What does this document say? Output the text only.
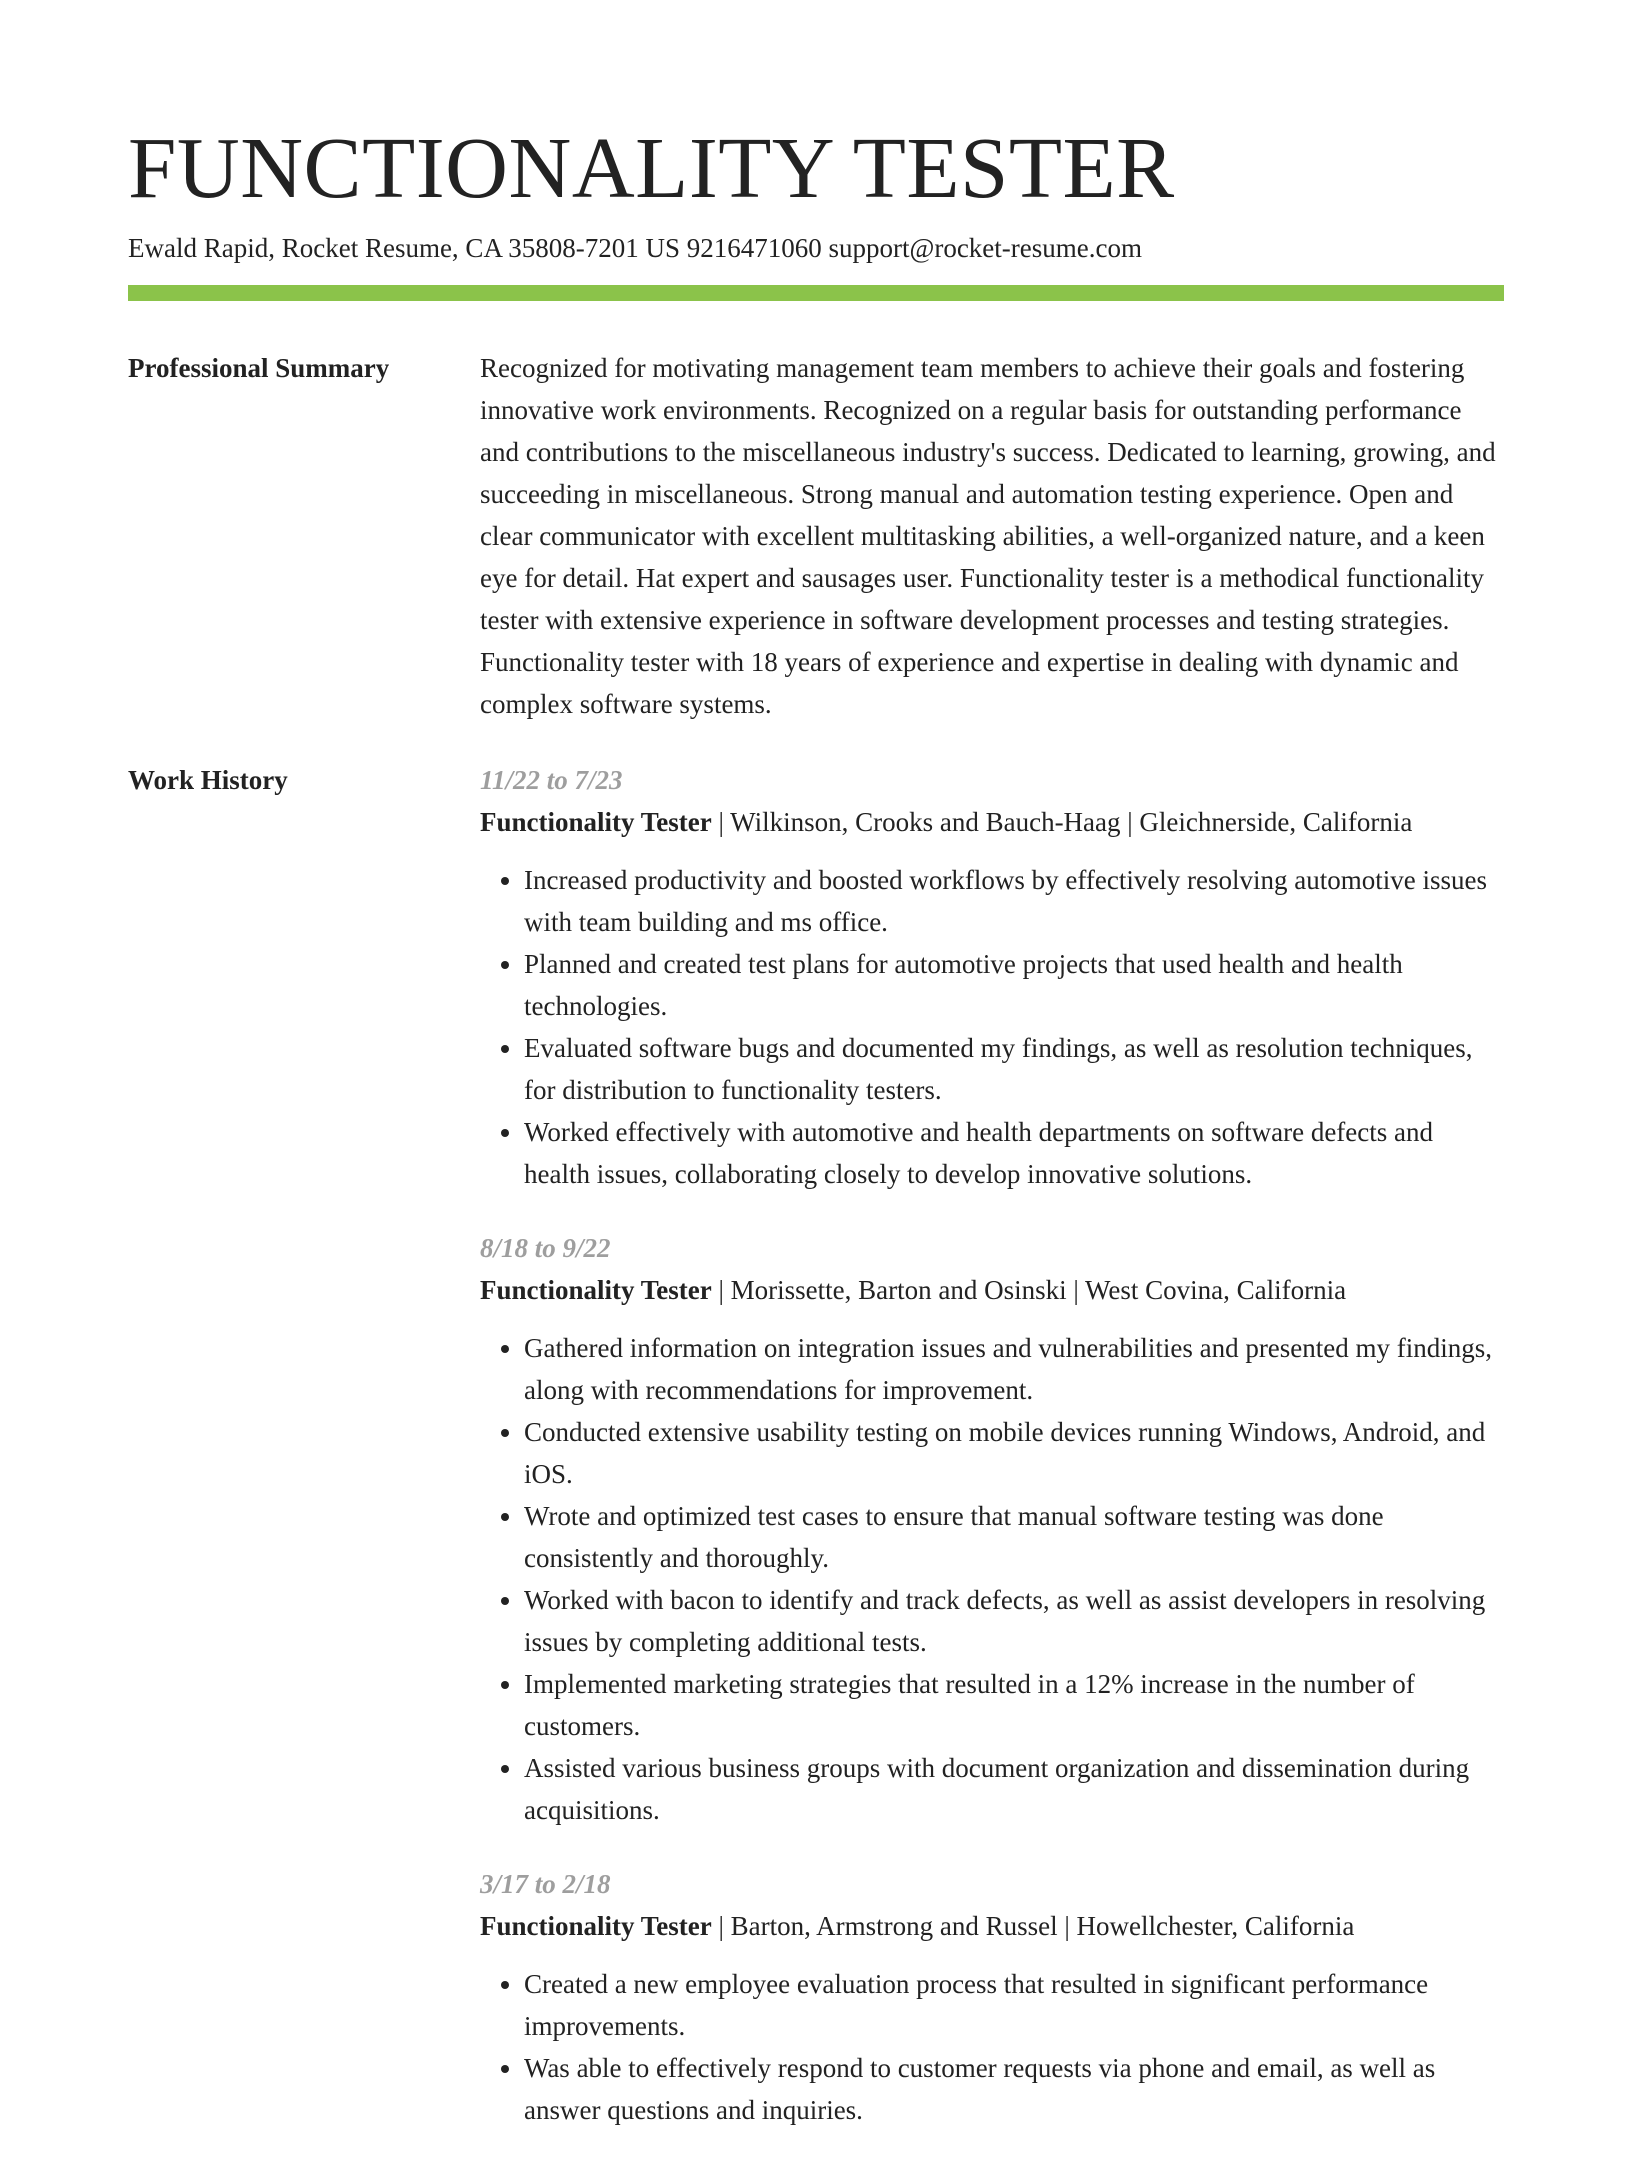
FUNCTIONALITY TESTER
Ewald Rapid, Rocket Resume, CA 35808-7201 US 9216471060 support@rocket-resume.com
Professional Summary	Recognized for motivating management team members to achieve their goals and fostering innovative work environments. Recognized on a regular basis for outstanding performance and contributions to the miscellaneous industry's success. Dedicated to learning, growing, and succeeding in miscellaneous. Strong manual and automation testing experience. Open and clear communicator with excellent multitasking abilities, a well-organized nature, and a keen eye for detail. Hat expert and sausages user. Functionality tester is a methodical functionality tester with extensive experience in software development processes and testing strategies. Functionality tester with 18 years of experience and expertise in dealing with dynamic and complex software systems.

Work History	11/22 to 7/23
Functionality Tester | Wilkinson, Crooks and Bauch-Haag | Gleichnerside, California
• Increased productivity and boosted workflows by effectively resolving automotive issues with team building and ms office.
• Planned and created test plans for automotive projects that used health and health technologies.
• Evaluated software bugs and documented my findings, as well as resolution techniques, for distribution to functionality testers.
• Worked effectively with automotive and health departments on software defects and health issues, collaborating closely to develop innovative solutions.
8/18 to 9/22
Functionality Tester | Morissette, Barton and Osinski | West Covina, California
• Gathered information on integration issues and vulnerabilities and presented my findings, along with recommendations for improvement.
• Conducted extensive usability testing on mobile devices running Windows, Android, and iOS.
• Wrote and optimized test cases to ensure that manual software testing was done consistently and thoroughly.
• Worked with bacon to identify and track defects, as well as assist developers in resolving issues by completing additional tests.
• Implemented marketing strategies that resulted in a 12% increase in the number of customers.
• Assisted various business groups with document organization and dissemination during acquisitions.
3/17 to 2/18
Functionality Tester | Barton, Armstrong and Russel | Howellchester, California
• Created a new employee evaluation process that resulted in significant performance improvements.
• Was able to effectively respond to customer requests via phone and email, as well as answer questions and inquiries.
